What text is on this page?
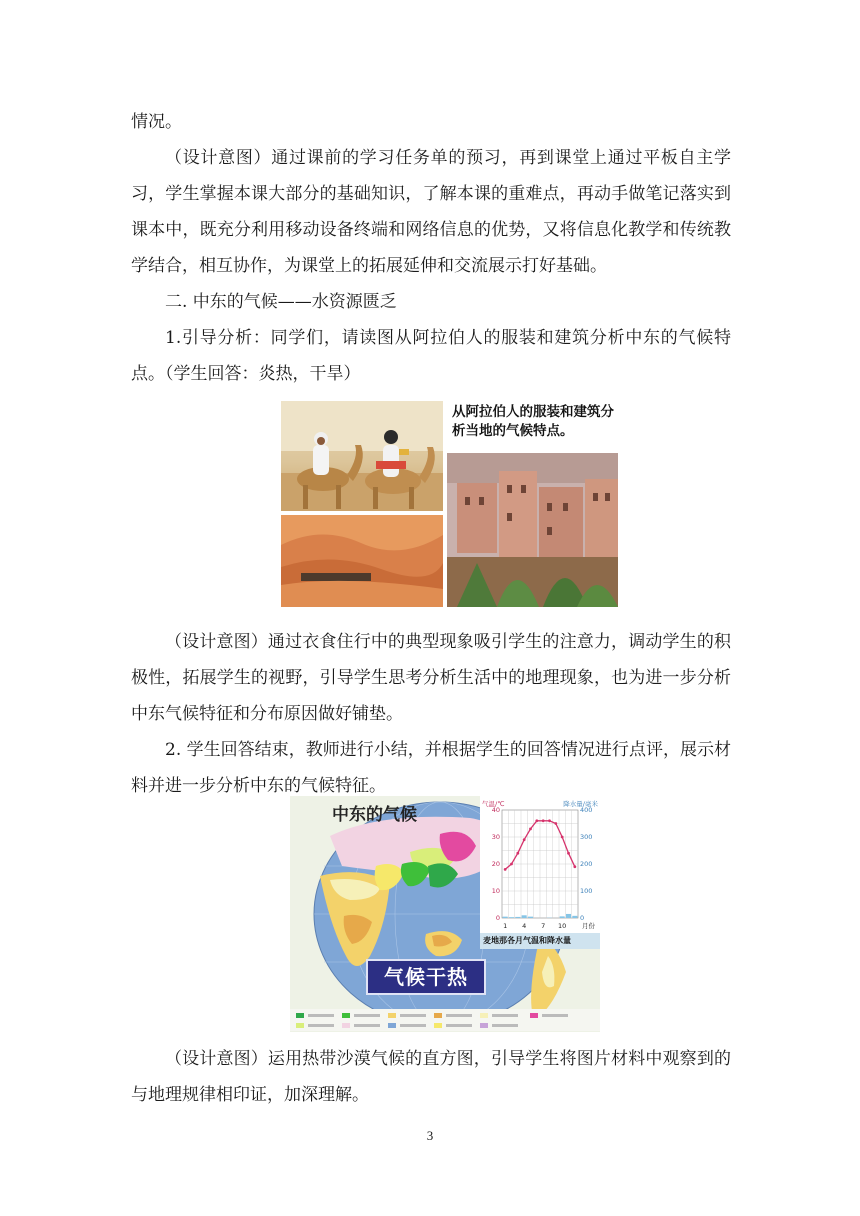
情况。
（设计意图）通过课前的学习任务单的预习，再到课堂上通过平板自主学习，学生掌握本课大部分的基础知识，了解本课的重难点，再动手做笔记落实到课本中，既充分利用移动设备终端和网络信息的优势，又将信息化教学和传统教学结合，相互协作，为课堂上的拓展延伸和交流展示打好基础。
二. 中东的气候——水资源匮乏
1.引导分析：同学们，请读图从阿拉伯人的服装和建筑分析中东的气候特点。（学生回答：炎热，干旱）
从阿拉伯人的服装和建筑分析当地的气候特点。
（设计意图）通过衣食住行中的典型现象吸引学生的注意力，调动学生的积极性，拓展学生的视野，引导学生思考分析生活中的地理现象，也为进一步分析中东气候特征和分布原因做好铺垫。
2. 学生回答结束，教师进行小结，并根据学生的回答情况进行点评，展示材料并进一步分析中东的气候特征。
中东的气候
气温/℃	降水量/毫米
40
30
20
10
0
400
300
200
100
0
1 4 7 10 月份
麦地那各月气温和降水量
气候干热
（设计意图）运用热带沙漠气候的直方图，引导学生将图片材料中观察到的与地理规律相印证，加深理解。
3
